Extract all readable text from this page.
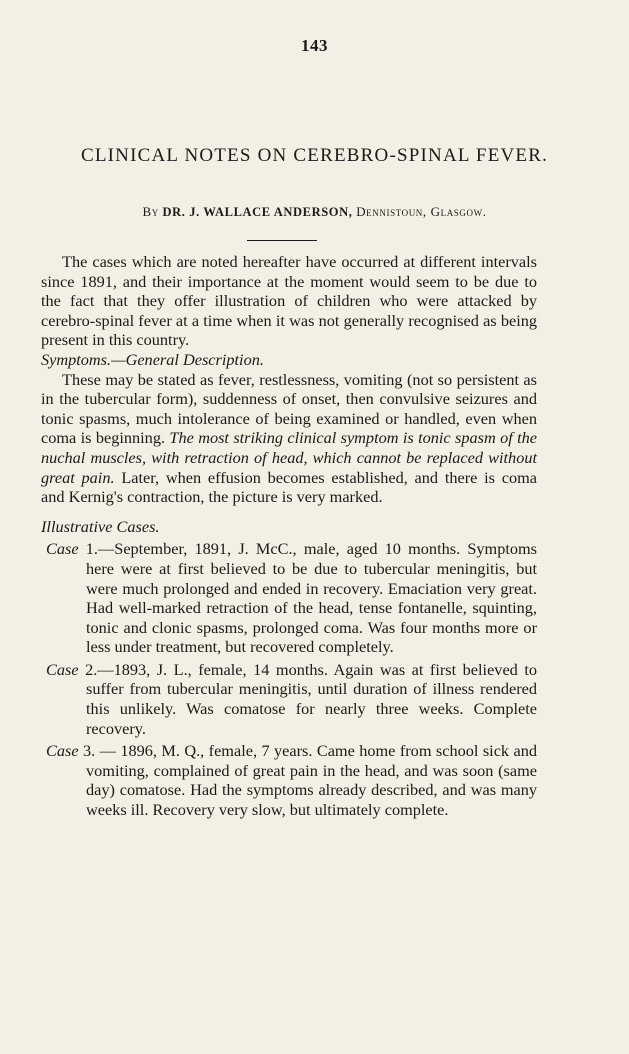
143
CLINICAL NOTES ON CEREBRO-SPINAL FEVER.
By DR. J. WALLACE ANDERSON, Dennistoun, Glasgow.

The cases which are noted hereafter have occurred at different intervals since 1891, and their importance at the moment would seem to be due to the fact that they offer illustration of children who were attacked by cerebro-spinal fever at a time when it was not generally recognised as being present in this country.

Symptoms.—General Description.

These may be stated as fever, restlessness, vomiting (not so persistent as in the tubercular form), suddenness of onset, then convulsive seizures and tonic spasms, much intolerance of being examined or handled, even when coma is beginning. The most striking clinical symptom is tonic spasm of the nuchal muscles, with retraction of head, which cannot be replaced without great pain. Later, when effusion becomes established, and there is coma and Kernig's contraction, the picture is very marked.

Illustrative Cases.

Case 1.—September, 1891, J. McC., male, aged 10 months. Symptoms here were at first believed to be due to tubercular meningitis, but were much prolonged and ended in recovery. Emaciation very great. Had well-marked retraction of the head, tense fontanelle, squinting, tonic and clonic spasms, prolonged coma. Was four months more or less under treatment, but recovered completely.

Case 2.—1893, J. L., female, 14 months. Again was at first believed to suffer from tubercular meningitis, until duration of illness rendered this unlikely. Was comatose for nearly three weeks. Complete recovery.

Case 3. — 1896, M. Q., female, 7 years. Came home from school sick and vomiting, complained of great pain in the head, and was soon (same day) comatose. Had the symptoms already described, and was many weeks ill. Recovery very slow, but ultimately complete.
